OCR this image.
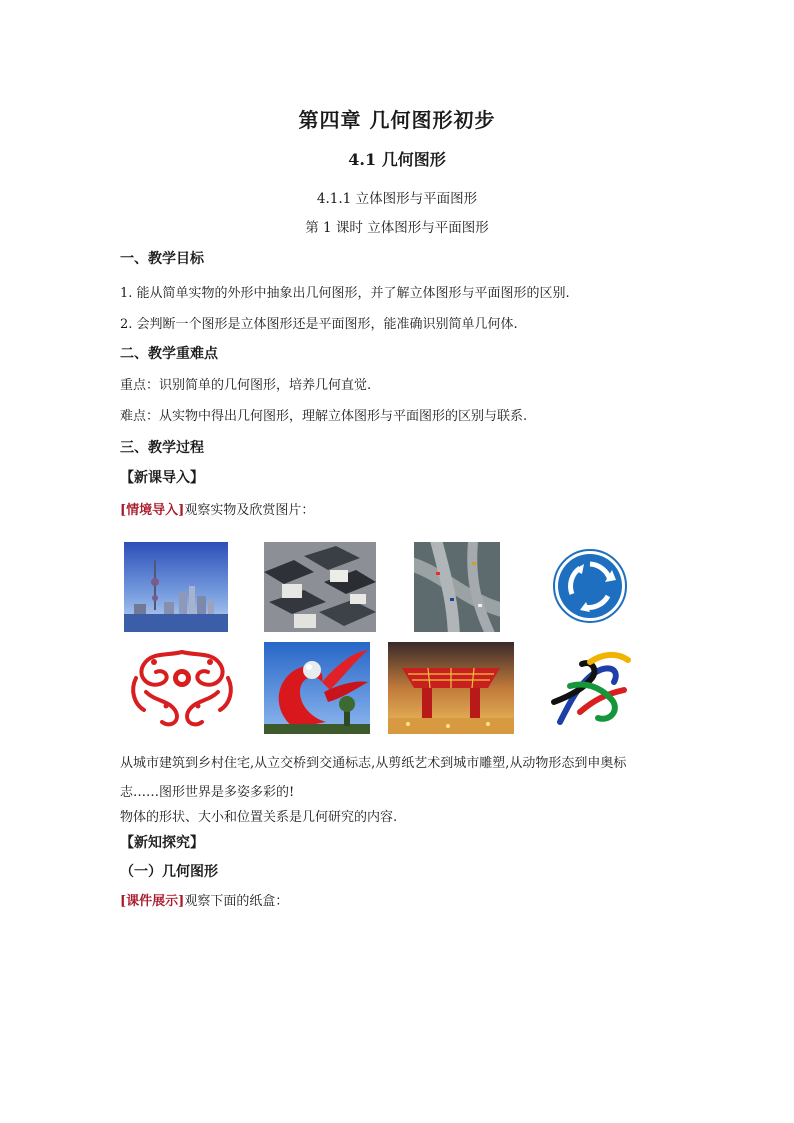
第四章 几何图形初步
4.1 几何图形
4.1.1 立体图形与平面图形
第 1 课时 立体图形与平面图形
一、教学目标
1. 能从简单实物的外形中抽象出几何图形，并了解立体图形与平面图形的区别.
2. 会判断一个图形是立体图形还是平面图形，能准确识别简单几何体.
二、教学重难点
重点：识别简单的几何图形，培养几何直觉.
难点：从实物中得出几何图形，理解立体图形与平面图形的区别与联系.
三、教学过程
【新课导入】
[情境导入]观察实物及欣赏图片：
从城市建筑到乡村住宅,从立交桥到交通标志,从剪纸艺术到城市雕塑,从动物形态到申奥标
志……图形世界是多姿多彩的!
物体的形状、大小和位置关系是几何研究的内容.
【新知探究】
（一）几何图形
[课件展示]观察下面的纸盒：
